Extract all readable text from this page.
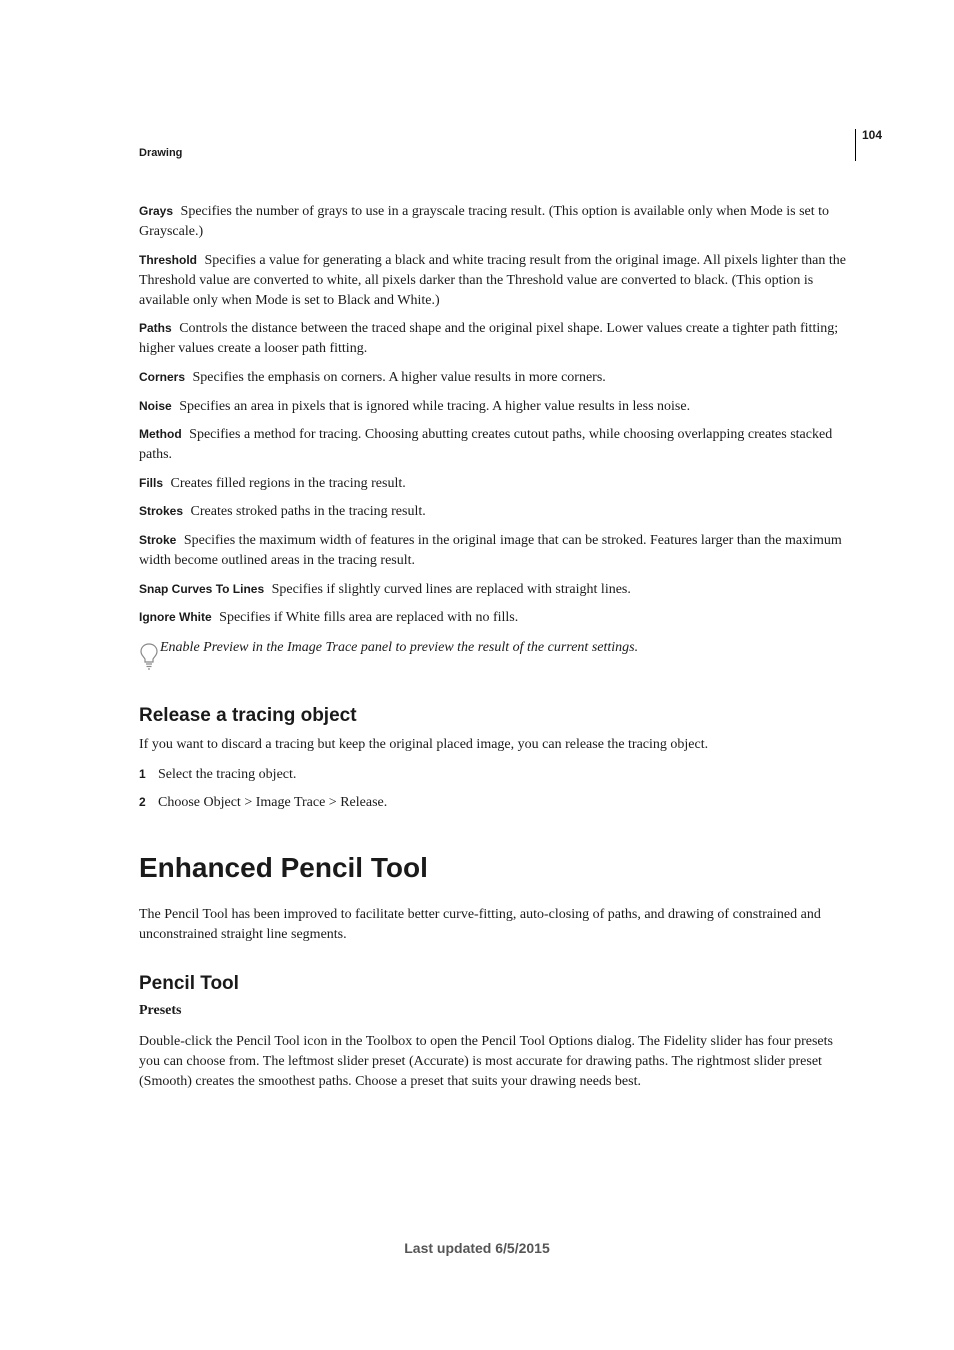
104
Drawing
Grays Specifies the number of grays to use in a grayscale tracing result. (This option is available only when Mode is set to Grayscale.)
Threshold Specifies a value for generating a black and white tracing result from the original image. All pixels lighter than the Threshold value are converted to white, all pixels darker than the Threshold value are converted to black. (This option is available only when Mode is set to Black and White.)
Paths Controls the distance between the traced shape and the original pixel shape. Lower values create a tighter path fitting; higher values create a looser path fitting.
Corners Specifies the emphasis on corners. A higher value results in more corners.
Noise Specifies an area in pixels that is ignored while tracing. A higher value results in less noise.
Method Specifies a method for tracing. Choosing abutting creates cutout paths, while choosing overlapping creates stacked paths.
Fills Creates filled regions in the tracing result.
Strokes Creates stroked paths in the tracing result.
Stroke Specifies the maximum width of features in the original image that can be stroked. Features larger than the maximum width become outlined areas in the tracing result.
Snap Curves To Lines Specifies if slightly curved lines are replaced with straight lines.
Ignore White Specifies if White fills area are replaced with no fills.
Enable Preview in the Image Trace panel to preview the result of the current settings.
Release a tracing object
If you want to discard a tracing but keep the original placed image, you can release the tracing object.
1 Select the tracing object.
2 Choose Object > Image Trace > Release.
Enhanced Pencil Tool
The Pencil Tool has been improved to facilitate better curve-fitting, auto-closing of paths, and drawing of constrained and unconstrained straight line segments.
Pencil Tool
Presets
Double-click the Pencil Tool icon in the Toolbox to open the Pencil Tool Options dialog. The Fidelity slider has four presets you can choose from. The leftmost slider preset (Accurate) is most accurate for drawing paths. The rightmost slider preset (Smooth) creates the smoothest paths. Choose a preset that suits your drawing needs best.
Last updated 6/5/2015
